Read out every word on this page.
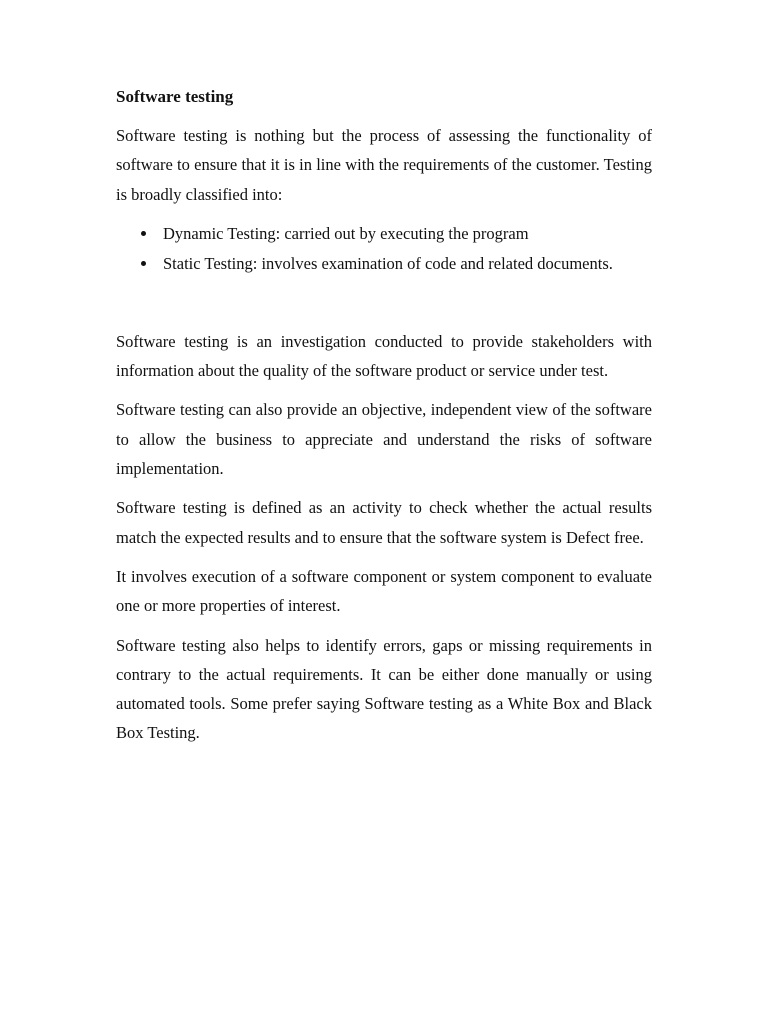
Software testing

Software testing is nothing but the process of assessing the functionality of software to ensure that it is in line with the requirements of the customer. Testing is broadly classified into:

Dynamic Testing: carried out by executing the program
Static Testing: involves examination of code and related documents.

Software testing is an investigation conducted to provide stakeholders with information about the quality of the software product or service under test.

Software testing can also provide an objective, independent view of the software to allow the business to appreciate and understand the risks of software implementation.

Software testing is defined as an activity to check whether the actual results match the expected results and to ensure that the software system is Defect free.

It involves execution of a software component or system component to evaluate one or more properties of interest.

Software testing also helps to identify errors, gaps or missing requirements in contrary to the actual requirements. It can be either done manually or using automated tools. Some prefer saying Software testing as a White Box and Black Box Testing.
